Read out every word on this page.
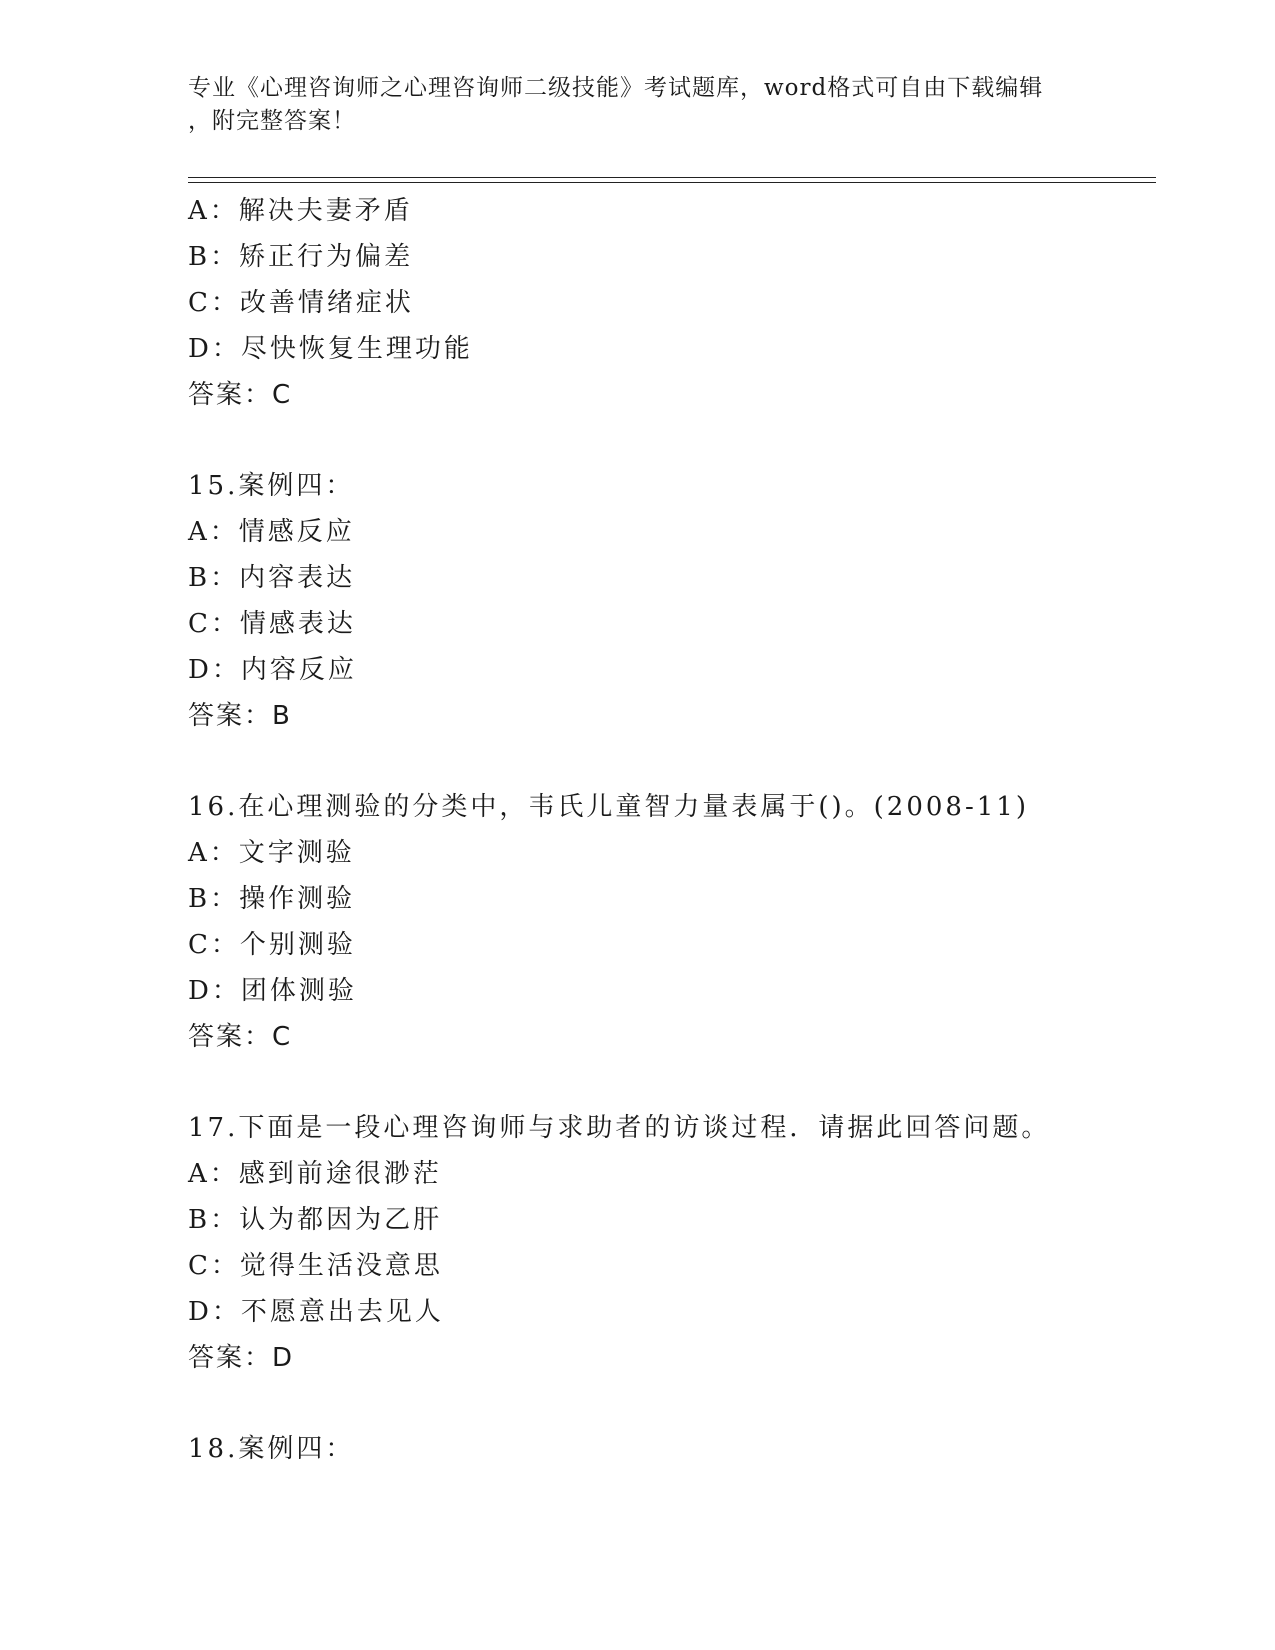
专业《心理咨询师之心理咨询师二级技能》考试题库，word格式可自由下载编辑
，附完整答案！
A：解决夫妻矛盾
B：矫正行为偏差
C：改善情绪症状
D：尽快恢复生理功能
答案：C
15.案例四：
A：情感反应
B：内容表达
C：情感表达
D：内容反应
答案：B
16.在心理测验的分类中，韦氏儿童智力量表属于()。(2008-11)
A：文字测验
B：操作测验
C：个别测验
D：团体测验
答案：C
17.下面是一段心理咨询师与求助者的访谈过程．请据此回答问题。
A：感到前途很渺茫
B：认为都因为乙肝
C：觉得生活没意思
D：不愿意出去见人
答案：D
18.案例四：
